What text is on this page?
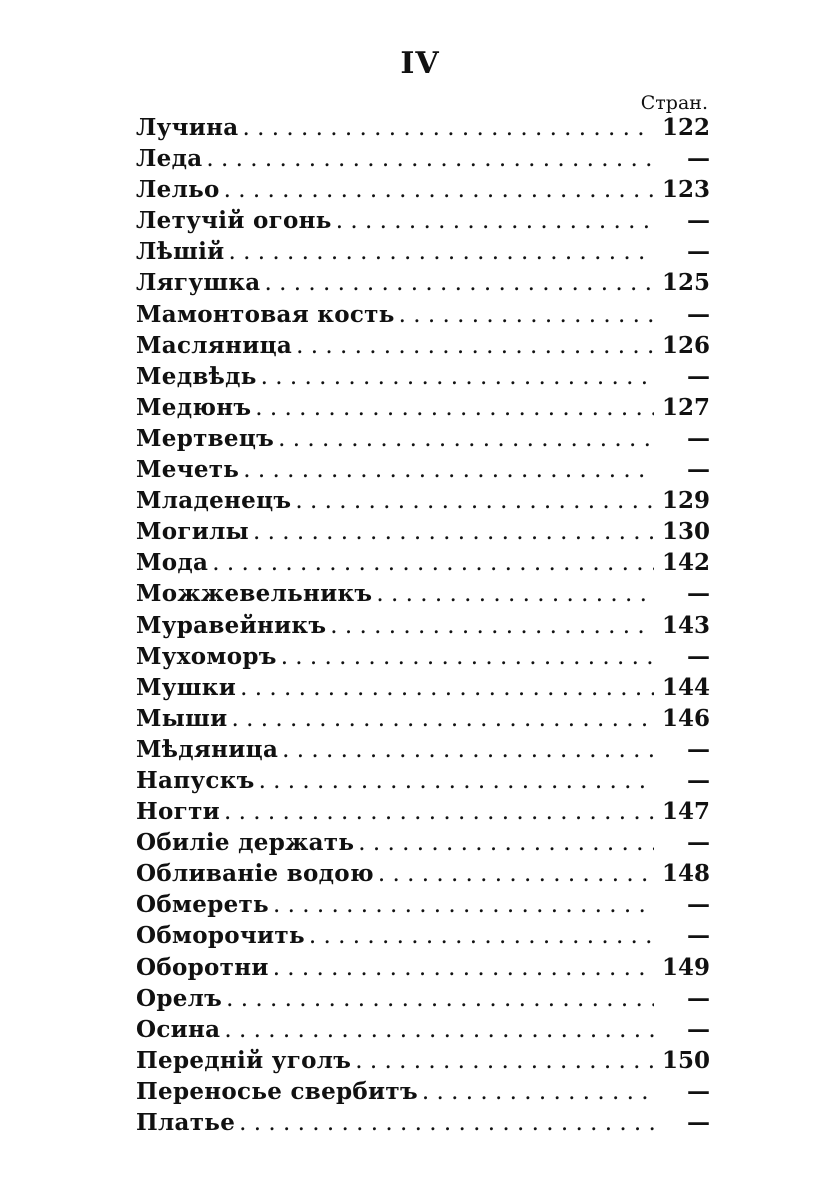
IV
Стран.
Лучина . . .	122
Леда . . .	—
Лельо . . .	123
Летучій огонь . . .	—
Лѣшій . . .	—
Лягушка . . .	125
Мамонтовая кость . . .	—
Масляница . . .	126
Медвѣдь . . .	—
Медюнъ . . .	127
Мертвецъ . . .	—
Мечеть . . .	—
Младенецъ . . .	129
Могилы . . .	130
Мода . . .	142
Можжевельникъ . . .	—
Муравейникъ . . .	143
Мухоморъ . . .	—
Мушки . . .	144
Мыши . . .	146
Мѣдяница . . .	—
Напускъ . . .	—
Ногти . . .	147
Обиліе держать . . .	—
Обливаніе водою . . .	148
Обмереть . . .	—
Обморочить . . .	—
Оборотни . . .	149
Орелъ . . .	—
Осина . . .	—
Передній уголъ . . .	150
Переносье свербитъ . . .	—
Платье . . .	—
